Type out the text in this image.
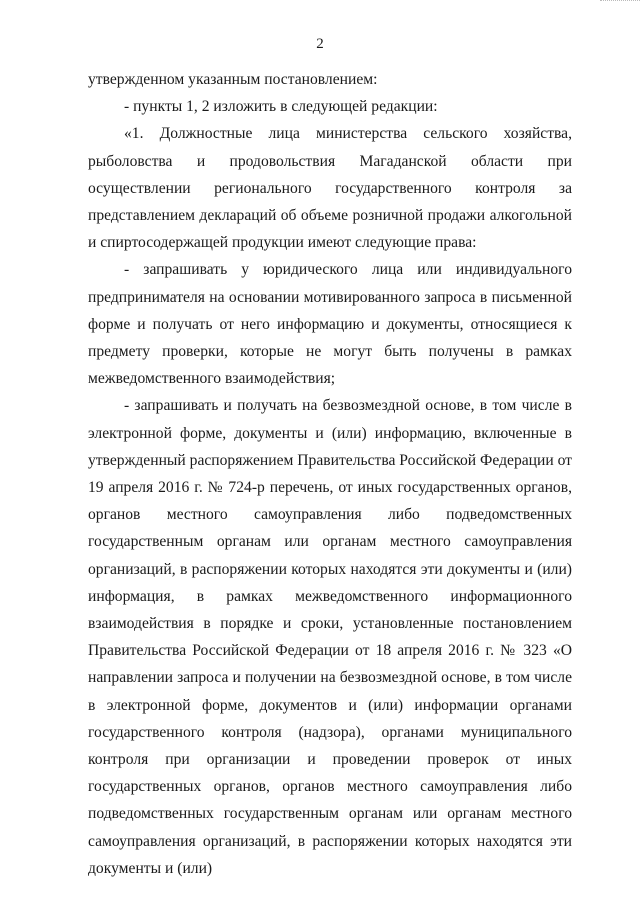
2

утвержденном указанным постановлением:

- пункты 1, 2 изложить в следующей редакции:

«1. Должностные лица министерства сельского хозяйства, рыболовства и продовольствия Магаданской области при осуществлении регионального государственного контроля за представлением деклараций об объеме розничной продажи алкогольной и спиртосодержащей продукции имеют следующие права:

- запрашивать у юридического лица или индивидуального предпринимателя на основании мотивированного запроса в письменной форме и получать от него информацию и документы, относящиеся к предмету проверки, которые не могут быть получены в рамках межведомственного взаимодействия;

- запрашивать и получать на безвозмездной основе, в том числе в электронной форме, документы и (или) информацию, включенные в утвержденный распоряжением Правительства Российской Федерации от 19 апреля 2016 г. № 724-р перечень, от иных государственных органов, органов местного самоуправления либо подведомственных государственным органам или органам местного самоуправления организаций, в распоряжении которых находятся эти документы и (или) информация, в рамках межведомственного информационного взаимодействия в порядке и сроки, установленные постановлением Правительства Российской Федерации от 18 апреля 2016 г. № 323 «О направлении запроса и получении на безвозмездной основе, в том числе в электронной форме, документов и (или) информации органами государственного контроля (надзора), органами муниципального контроля при организации и проведении проверок от иных государственных органов, органов местного самоуправления либо подведомственных государственным органам или органам местного самоуправления организаций, в распоряжении которых находятся эти документы и (или)
